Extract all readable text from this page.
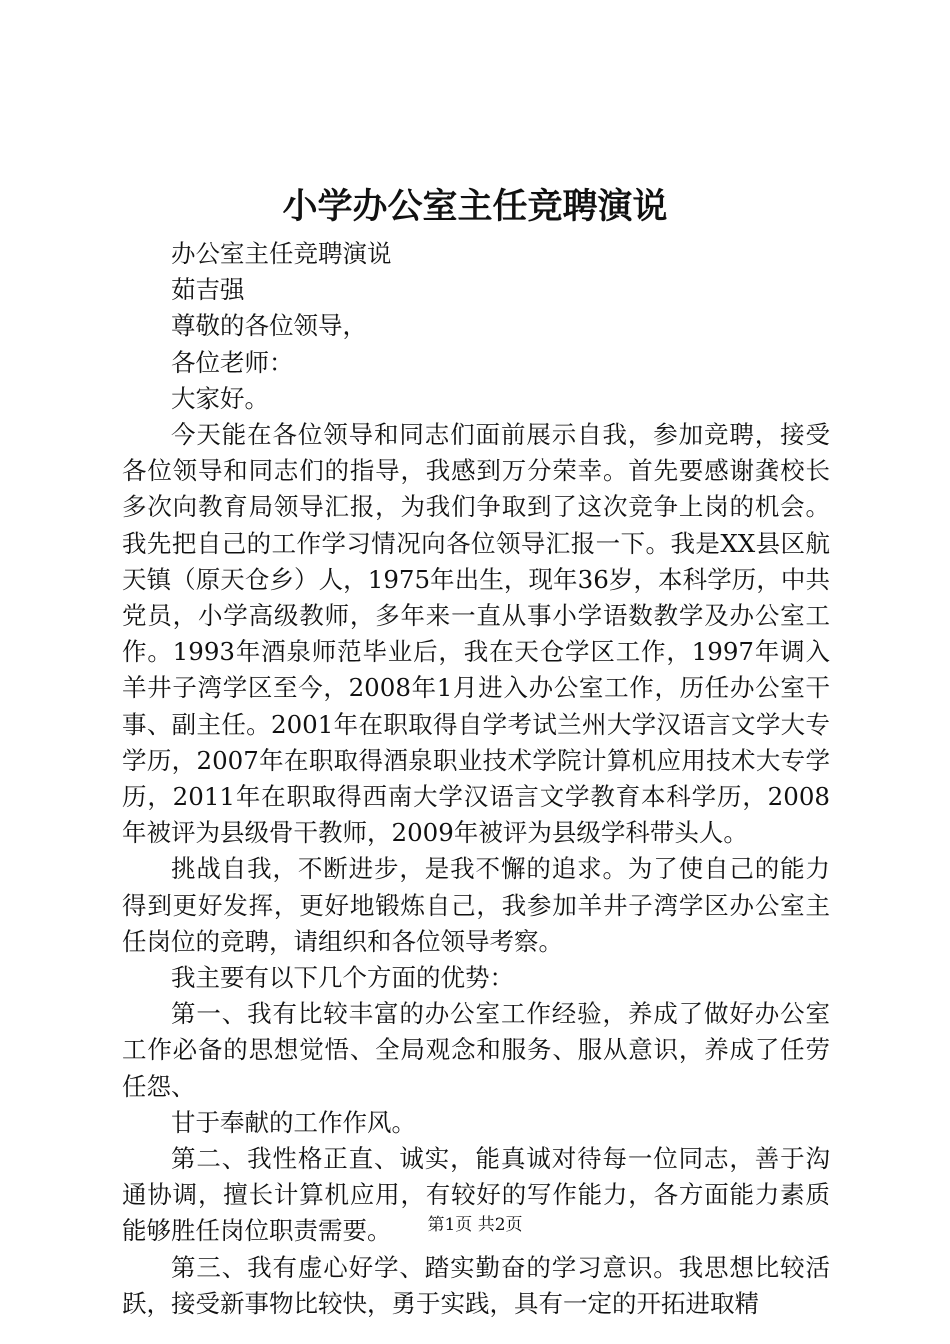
小学办公室主任竞聘演说

办公室主任竞聘演说

茹吉强

尊敬的各位领导，

各位老师：

大家好。

今天能在各位领导和同志们面前展示自我，参加竞聘，接受各位领导和同志们的指导，我感到万分荣幸。首先要感谢龚校长多次向教育局领导汇报，为我们争取到了这次竞争上岗的机会。我先把自己的工作学习情况向各位领导汇报一下。我是XX县区航天镇（原天仓乡）人，1975年出生，现年36岁，本科学历，中共党员，小学高级教师，多年来一直从事小学语数教学及办公室工作。1993年酒泉师范毕业后，我在天仓学区工作，1997年调入羊井子湾学区至今，2008年1月进入办公室工作，历任办公室干事、副主任。2001年在职取得自学考试兰州大学汉语言文学大专学历，2007年在职取得酒泉职业技术学院计算机应用技术大专学历，2011年在职取得西南大学汉语言文学教育本科学历，2008年被评为县级骨干教师，2009年被评为县级学科带头人。

挑战自我，不断进步，是我不懈的追求。为了使自己的能力得到更好发挥，更好地锻炼自己，我参加羊井子湾学区办公室主任岗位的竞聘，请组织和各位领导考察。

我主要有以下几个方面的优势：

第一、我有比较丰富的办公室工作经验，养成了做好办公室工作必备的思想觉悟、全局观念和服务、服从意识，养成了任劳任怨、

甘于奉献的工作作风。

第二、我性格正直、诚实，能真诚对待每一位同志，善于沟通协调，擅长计算机应用，有较好的写作能力，各方面能力素质能够胜任岗位职责需要。

第三、我有虚心好学、踏实勤奋的学习意识。我思想比较活跃，接受新事物比较快，勇于实践，具有一定的开拓进取精

第1页 共2页
